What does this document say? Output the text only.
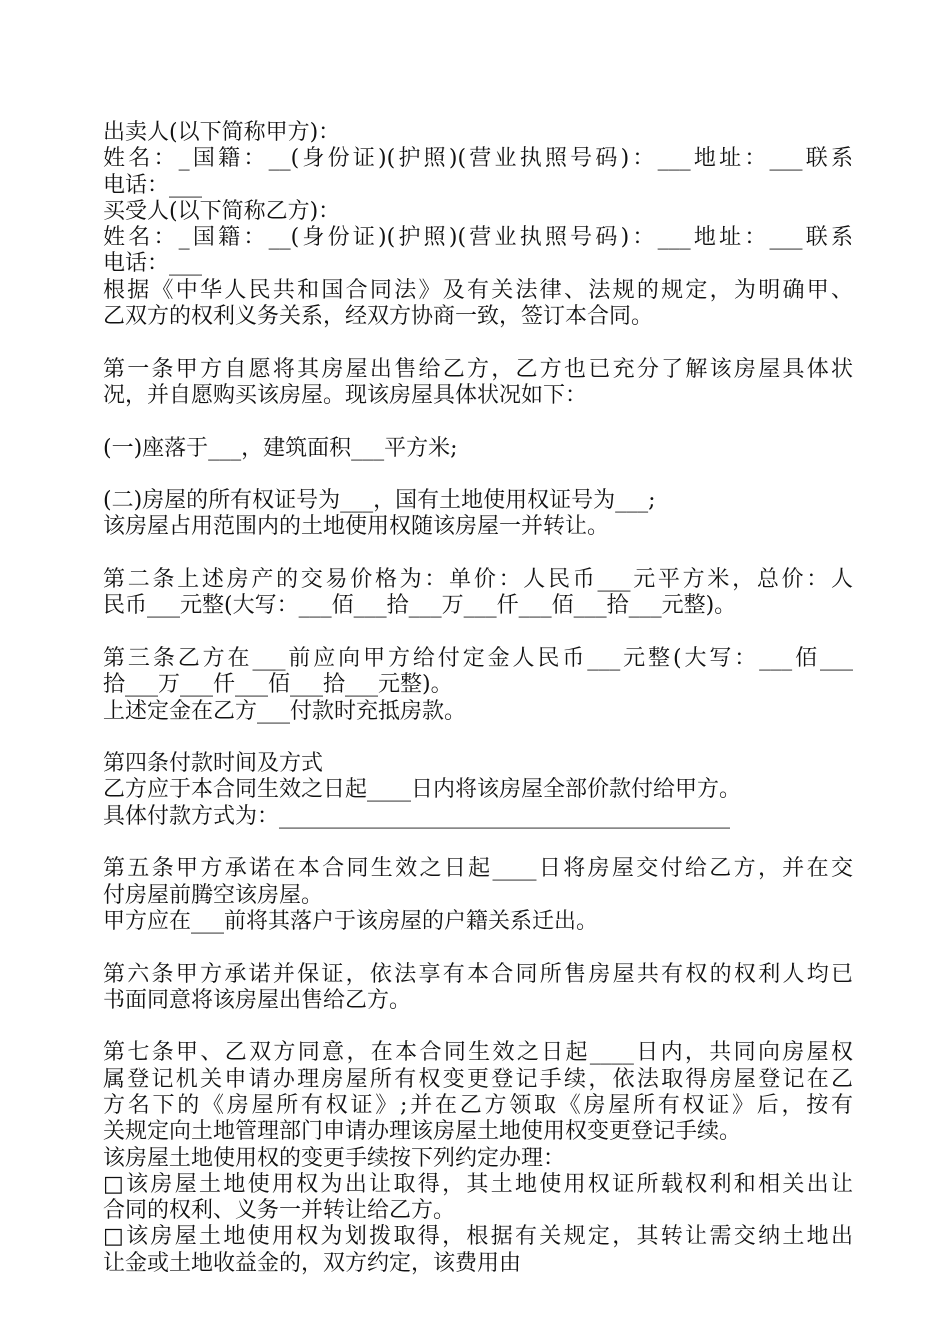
出卖人(以下简称甲方)：
姓名：_国籍：__(身份证)(护照)(营业执照号码)：___地址：___联系
电话：___
买受人(以下简称乙方)：
姓名：_国籍：__(身份证)(护照)(营业执照号码)：___地址：___联系
电话：___
根据《中华人民共和国合同法》及有关法律、法规的规定，为明确甲、
乙双方的权利义务关系，经双方协商一致，签订本合同。
第一条甲方自愿将其房屋出售给乙方，乙方也已充分了解该房屋具体状
况，并自愿购买该房屋。现该房屋具体状况如下：
(一)座落于___，建筑面积___平方米;
(二)房屋的所有权证号为___，国有土地使用权证号为___;
该房屋占用范围内的土地使用权随该房屋一并转让。
第二条上述房产的交易价格为：单价：人民币___元平方米，总价：人
民币___元整(大写：___佰___拾___万___仟___佰___拾___元整)。
第三条乙方在___前应向甲方给付定金人民币___元整(大写：___佰___
拾___万___仟___佰___拾___元整)。
上述定金在乙方___付款时充抵房款。
第四条付款时间及方式
乙方应于本合同生效之日起____日内将该房屋全部价款付给甲方。
具体付款方式为：_________________________________________
第五条甲方承诺在本合同生效之日起____日将房屋交付给乙方，并在交
付房屋前腾空该房屋。
甲方应在___前将其落户于该房屋的户籍关系迁出。
第六条甲方承诺并保证，依法享有本合同所售房屋共有权的权利人均已
书面同意将该房屋出售给乙方。
第七条甲、乙双方同意，在本合同生效之日起____日内，共同向房屋权
属登记机关申请办理房屋所有权变更登记手续，依法取得房屋登记在乙
方名下的《房屋所有权证》;并在乙方领取《房屋所有权证》后，按有
关规定向土地管理部门申请办理该房屋土地使用权变更登记手续。
该房屋土地使用权的变更手续按下列约定办理：
□该房屋土地使用权为出让取得，其土地使用权证所载权利和相关出让
合同的权利、义务一并转让给乙方。
□该房屋土地使用权为划拨取得，根据有关规定，其转让需交纳土地出
让金或土地收益金的，双方约定，该费用由
